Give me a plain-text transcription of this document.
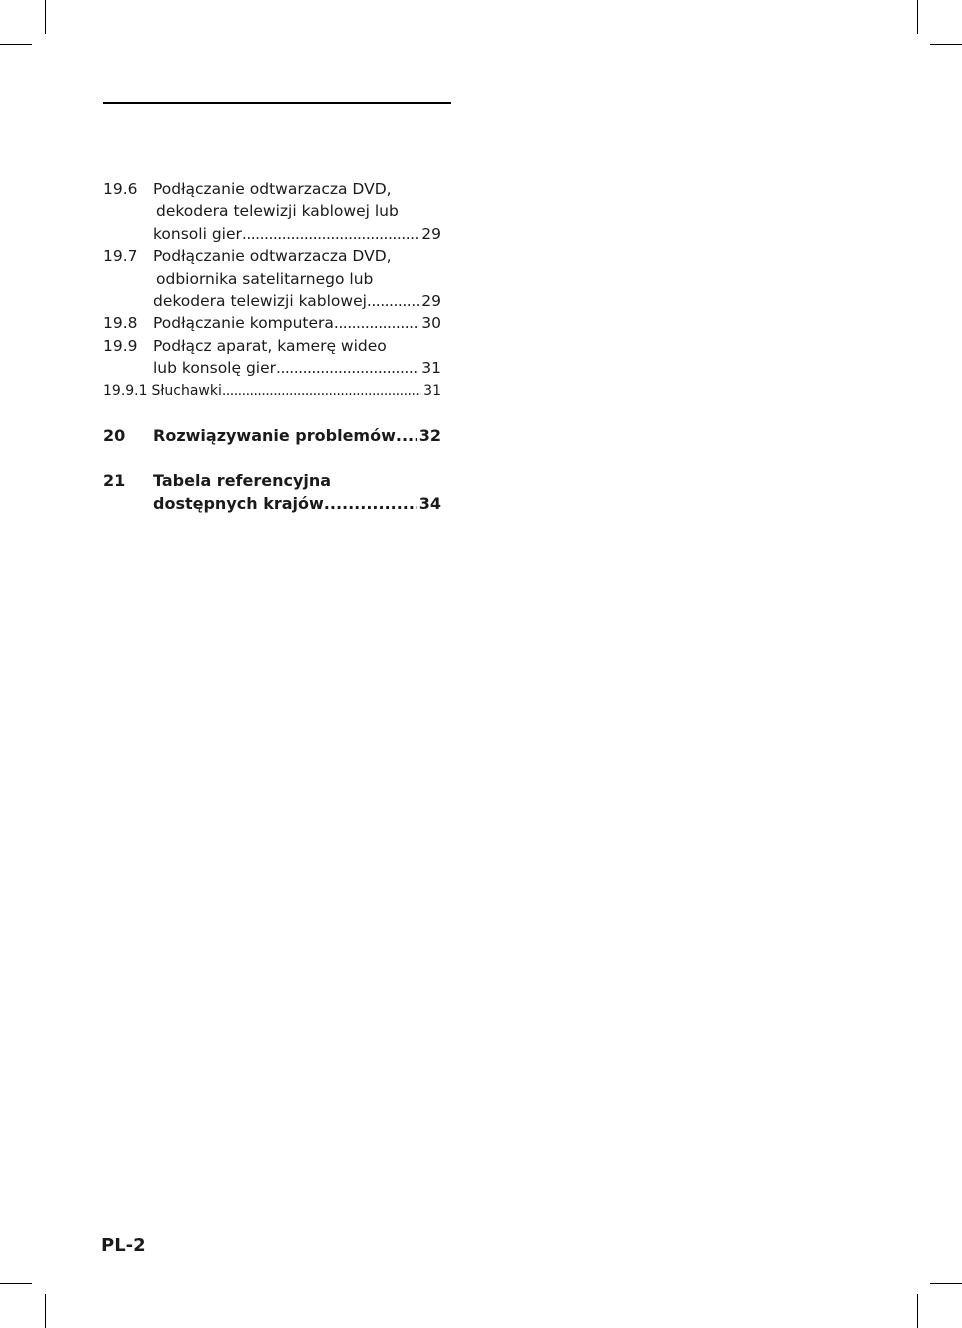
19.6 Podłączanie odtwarzacza DVD,
dekodera telewizji kablowej lub
konsoli gier .....	29
19.7 Podłączanie odtwarzacza DVD,
odbiornika satelitarnego lub
dekodera telewizji kablowej .....	29
19.8 Podłączanie komputera .....	30
19.9 Podłącz aparat, kamerę wideo
lub konsolę gier .....	31
19.9.1 Słuchawki .....	31
20 Rozwiązywanie problemów ..... 32
21 Tabela referencyjna
dostępnych krajów .....	34
PL-2
